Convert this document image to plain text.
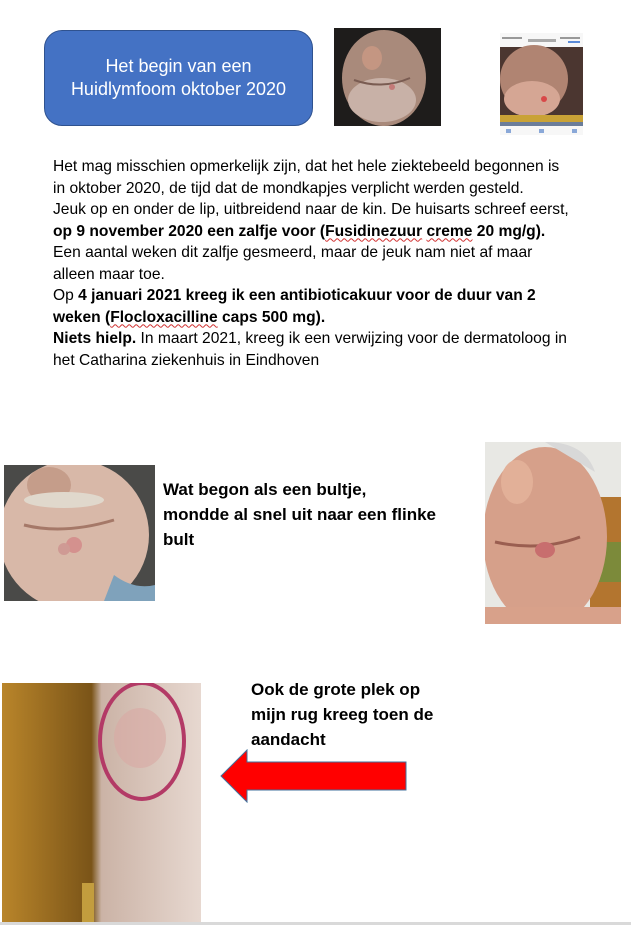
Het begin van een
Huidlymfoom oktober 2020
Het mag misschien opmerkelijk zijn, dat het hele ziektebeeld begonnen is in oktober 2020, de tijd dat de mondkapjes verplicht werden gesteld.
Jeuk op en onder de lip, uitbreidend naar de kin. De huisarts schreef eerst, op 9 november 2020 een zalfje voor (Fusidinezuur creme 20 mg/g). Een aantal weken dit zalfje gesmeerd, maar de jeuk nam niet af maar alleen maar toe.
Op 4 januari 2021 kreeg ik een antibioticakuur voor de duur van 2 weken (Flocloxacilline caps 500 mg).
Niets hielp. In maart 2021, kreeg ik een verwijzing voor de dermatoloog in het Catharina ziekenhuis in Eindhoven
Wat begon als een bultje,
mondde al snel uit naar een flinke
bult
Ook de grote plek op
mijn rug kreeg toen de
aandacht
